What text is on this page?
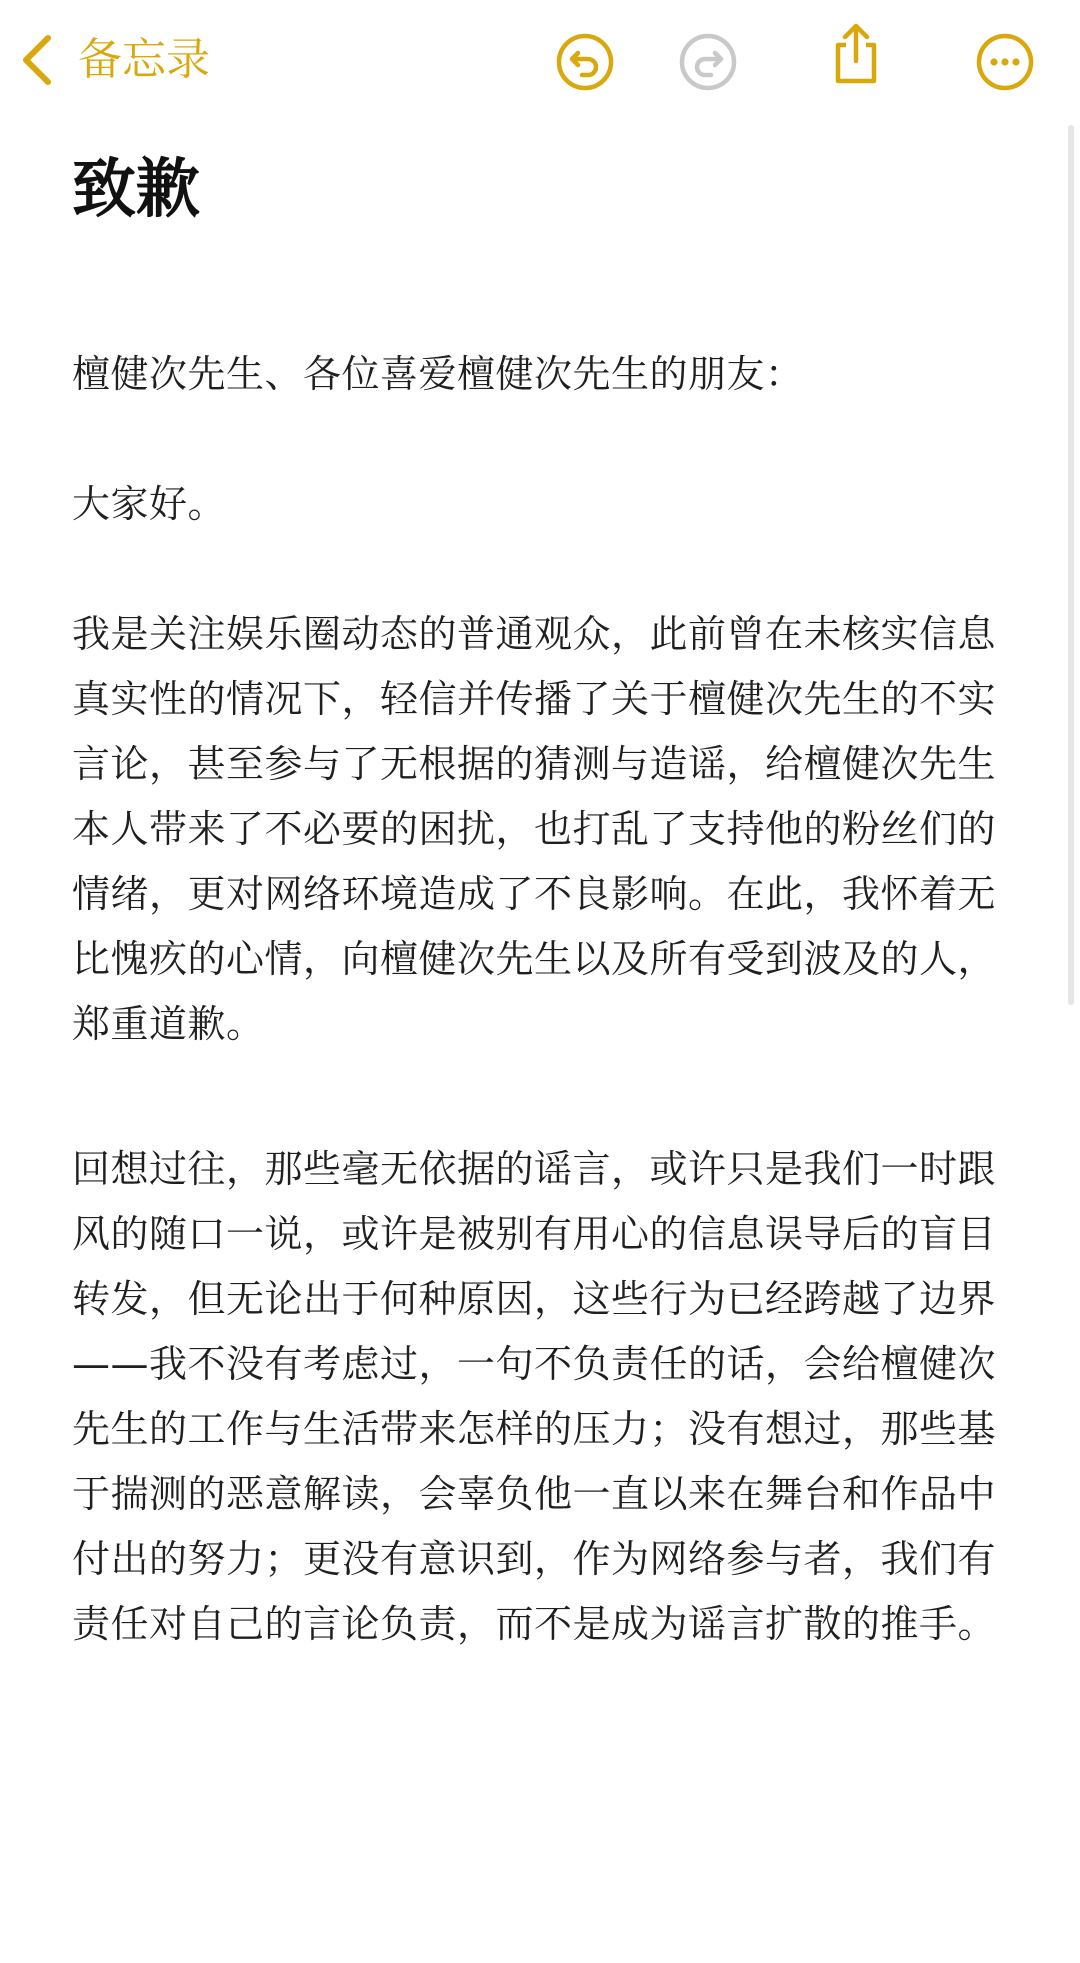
备忘录
致歉

檀健次先生、各位喜爱檀健次先生的朋友：

大家好。

我是关注娱乐圈动态的普通观众，此前曾在未核实信息真实性的情况下，轻信并传播了关于檀健次先生的不实言论，甚至参与了无根据的猜测与造谣，给檀健次先生本人带来了不必要的困扰，也打乱了支持他的粉丝们的情绪，更对网络环境造成了不良影响。在此，我怀着无比愧疚的心情，向檀健次先生以及所有受到波及的人，郑重道歉。

回想过往，那些毫无依据的谣言，或许只是我们一时跟风的随口一说，或许是被别有用心的信息误导后的盲目转发，但无论出于何种原因，这些行为已经跨越了边界——我不没有考虑过，一句不负责任的话，会给檀健次先生的工作与生活带来怎样的压力；没有想过，那些基于揣测的恶意解读，会辜负他一直以来在舞台和作品中付出的努力；更没有意识到，作为网络参与者，我们有责任对自己的言论负责，而不是成为谣言扩散的推手。
